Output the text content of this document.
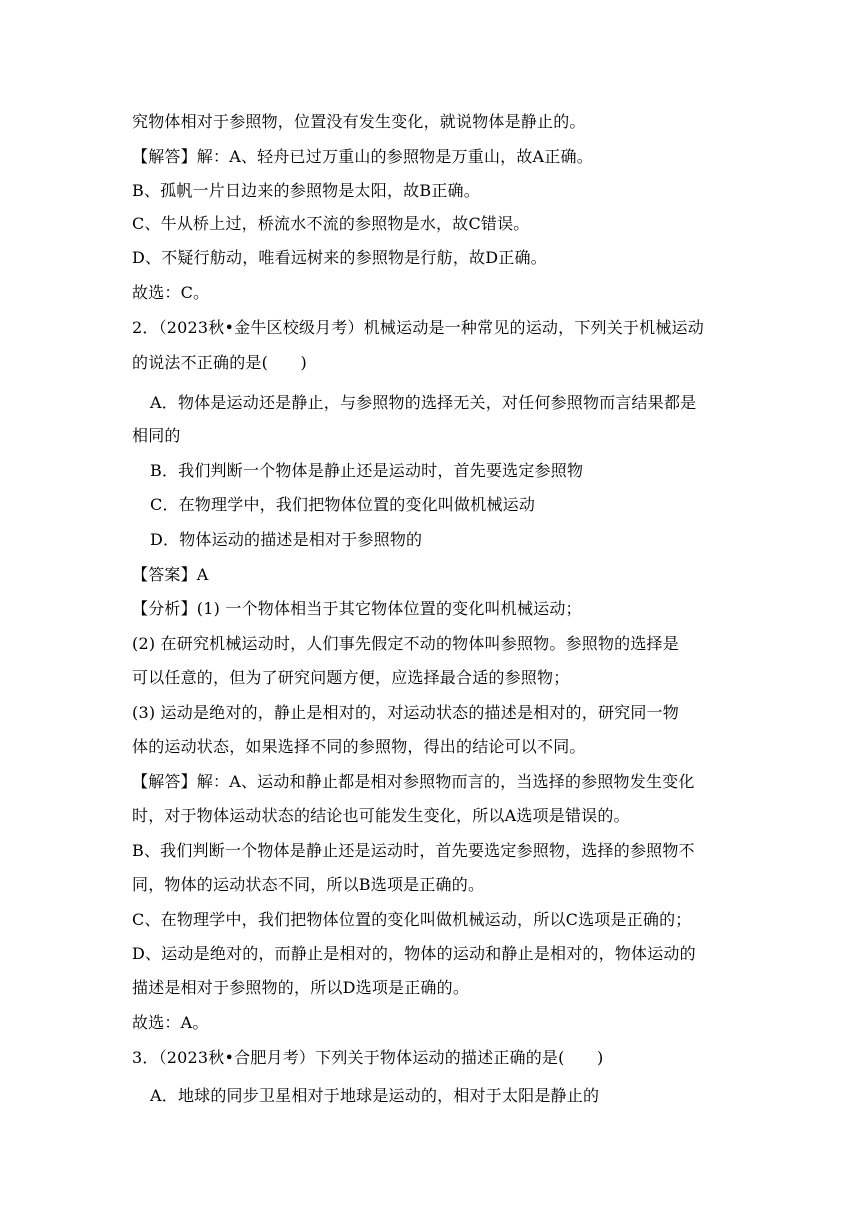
究物体相对于参照物，位置没有发生变化，就说物体是静止的。
【解答】解：A、轻舟已过万重山的参照物是万重山，故A正确。
B、孤帆一片日边来的参照物是太阳，故B正确。
C、牛从桥上过，桥流水不流的参照物是水，故C错误。
D、不疑行舫动，唯看远树来的参照物是行舫，故D正确。
故选：C。
2．（2023秋•金牛区校级月考）机械运动是一种常见的运动，下列关于机械运动
的说法不正确的是(　　)
A．物体是运动还是静止，与参照物的选择无关，对任何参照物而言结果都是
相同的
B．我们判断一个物体是静止还是运动时，首先要选定参照物
C．在物理学中，我们把物体位置的变化叫做机械运动
D．物体运动的描述是相对于参照物的
【答案】A
【分析】(1) 一个物体相当于其它物体位置的变化叫机械运动；
(2) 在研究机械运动时，人们事先假定不动的物体叫参照物。参照物的选择是
可以任意的，但为了研究问题方便，应选择最合适的参照物；
(3) 运动是绝对的，静止是相对的，对运动状态的描述是相对的，研究同一物
体的运动状态，如果选择不同的参照物，得出的结论可以不同。
【解答】解：A、运动和静止都是相对参照物而言的，当选择的参照物发生变化
时，对于物体运动状态的结论也可能发生变化，所以A选项是错误的。
B、我们判断一个物体是静止还是运动时，首先要选定参照物，选择的参照物不
同，物体的运动状态不同，所以B选项是正确的。
C、在物理学中，我们把物体位置的变化叫做机械运动，所以C选项是正确的；
D、运动是绝对的，而静止是相对的，物体的运动和静止是相对的，物体运动的
描述是相对于参照物的，所以D选项是正确的。
故选：A。
3．（2023秋•合肥月考）下列关于物体运动的描述正确的是(　　)
A．地球的同步卫星相对于地球是运动的，相对于太阳是静止的
